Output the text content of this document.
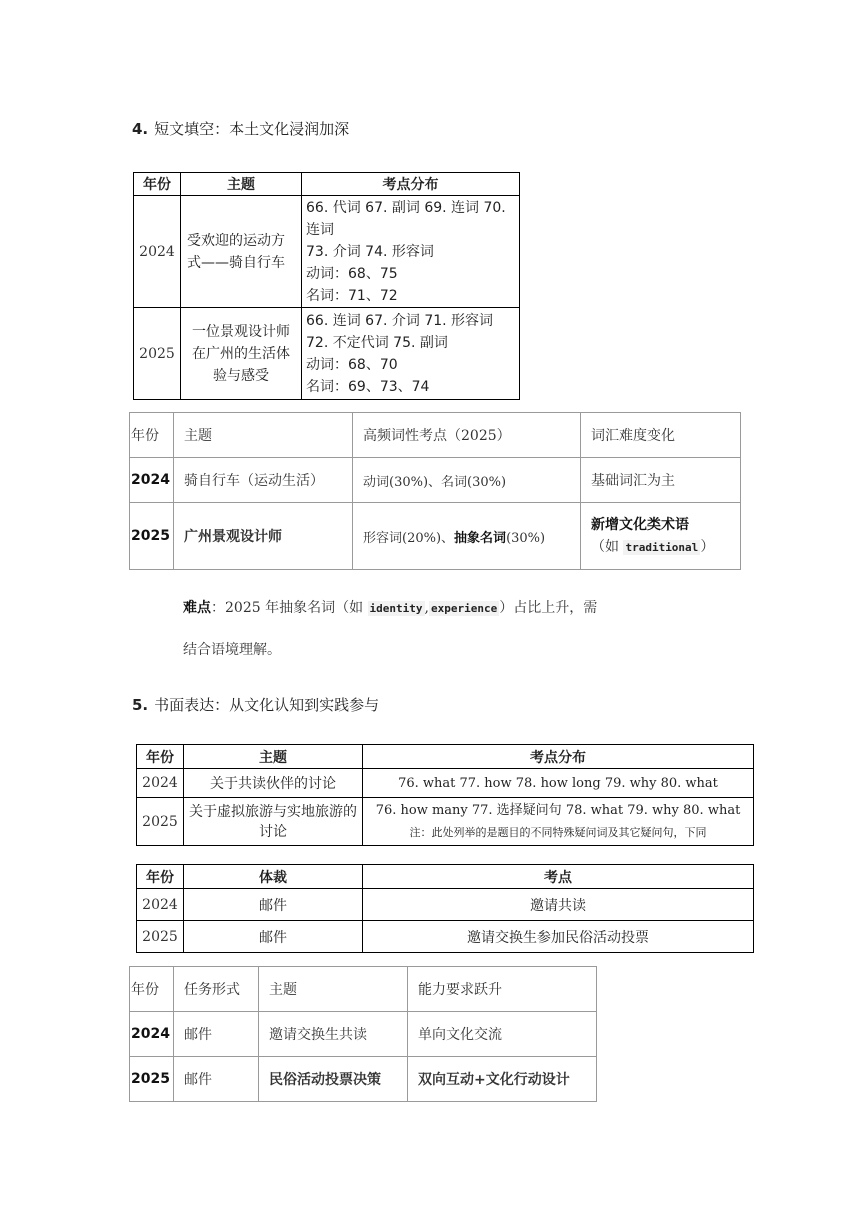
4. 短文填空：本土文化浸润加深
年份	主题	考点分布
2024	受欢迎的运动方式——骑自行车	66. 代词 67. 副词 69. 连词 70. 连词
73. 介词 74. 形容词
动词：68、75
名词：71、72

2025	一位景观设计师在广州的生活体验与感受	66. 连词 67. 介词 71. 形容词
72. 不定代词 75. 副词
动词：68、70
名词：69、73、74
年份	主题	高频词性考点（2025）	词汇难度变化
2024	骑自行车（运动生活）	动词(30%)、名词(30%)	基础词汇为主
2025	广州景观设计师	形容词(20%)、抽象名词(30%)	新增文化类术语
（如 traditional ）
难点：2025 年抽象名词（如 identity , experience ）占比上升，需
结合语境理解。
5. 书面表达：从文化认知到实践参与
年份	主题	考点分布
2024	关于共读伙伴的讨论	76. what 77. how 78. how long 79. why 80. what
2025	关于虚拟旅游与实地旅游的讨论	76. how many 77. 选择疑问句 78. what 79. why 80. what
注：此处列举的是题目的不同特殊疑问词及其它疑问句，下同
年份	体裁	考点
2024	邮件	邀请共读
2025	邮件	邀请交换生参加民俗活动投票
年份	任务形式	主题	能力要求跃升
2024	邮件	邀请交换生共读	单向文化交流
2025	邮件	民俗活动投票决策	双向互动+文化行动设计
